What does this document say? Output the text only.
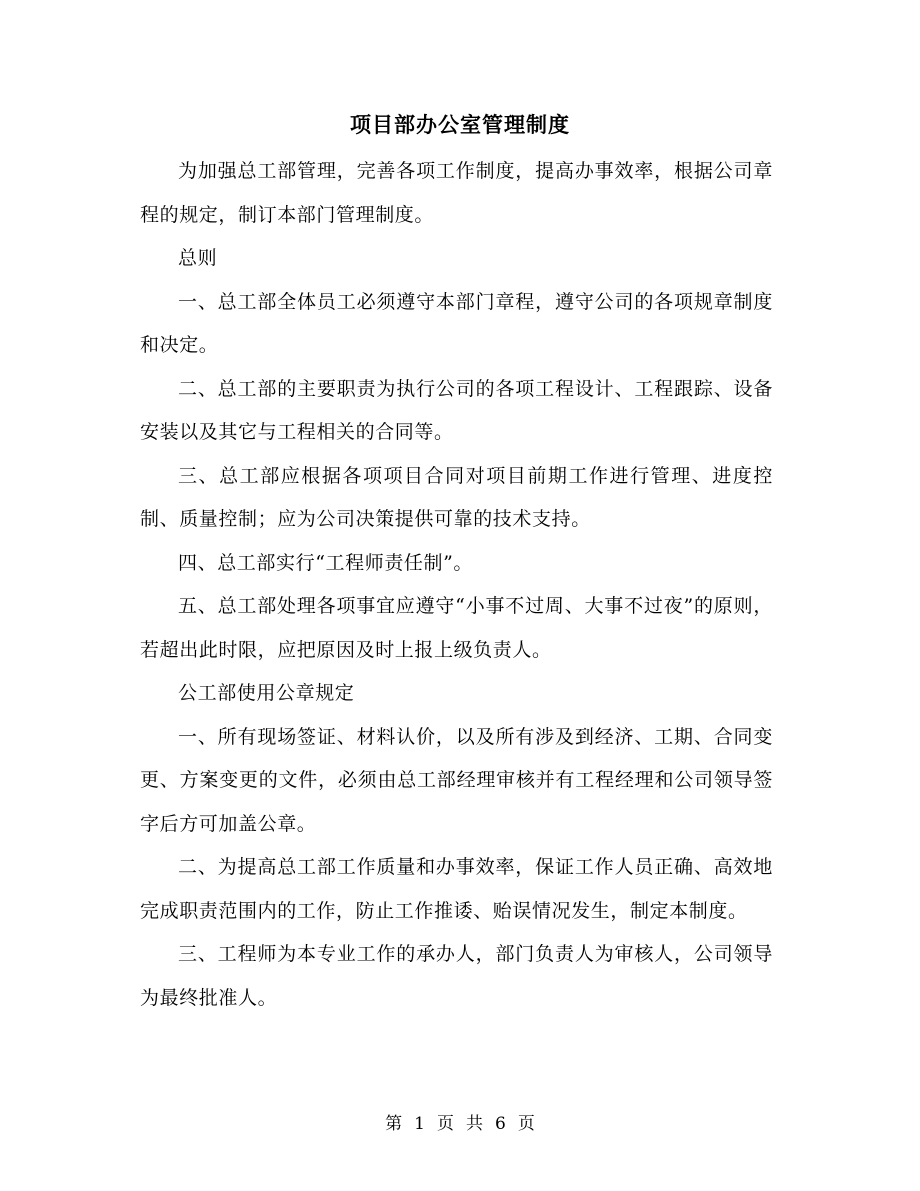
项目部办公室管理制度

为加强总工部管理，完善各项工作制度，提高办事效率，根据公司章程的规定，制订本部门管理制度。

总则

一、总工部全体员工必须遵守本部门章程，遵守公司的各项规章制度和决定。

二、总工部的主要职责为执行公司的各项工程设计、工程跟踪、设备安装以及其它与工程相关的合同等。

三、总工部应根据各项项目合同对项目前期工作进行管理、进度控制、质量控制；应为公司决策提供可靠的技术支持。

四、总工部实行“工程师责任制”。

五、总工部处理各项事宜应遵守“小事不过周、大事不过夜”的原则，若超出此时限，应把原因及时上报上级负责人。

公工部使用公章规定

一、所有现场签证、材料认价，以及所有涉及到经济、工期、合同变更、方案变更的文件，必须由总工部经理审核并有工程经理和公司领导签字后方可加盖公章。

二、为提高总工部工作质量和办事效率，保证工作人员正确、高效地完成职责范围内的工作，防止工作推诿、贻误情况发生，制定本制度。

三、工程师为本专业工作的承办人，部门负责人为审核人，公司领导为最终批准人。

第 1 页 共 6 页
